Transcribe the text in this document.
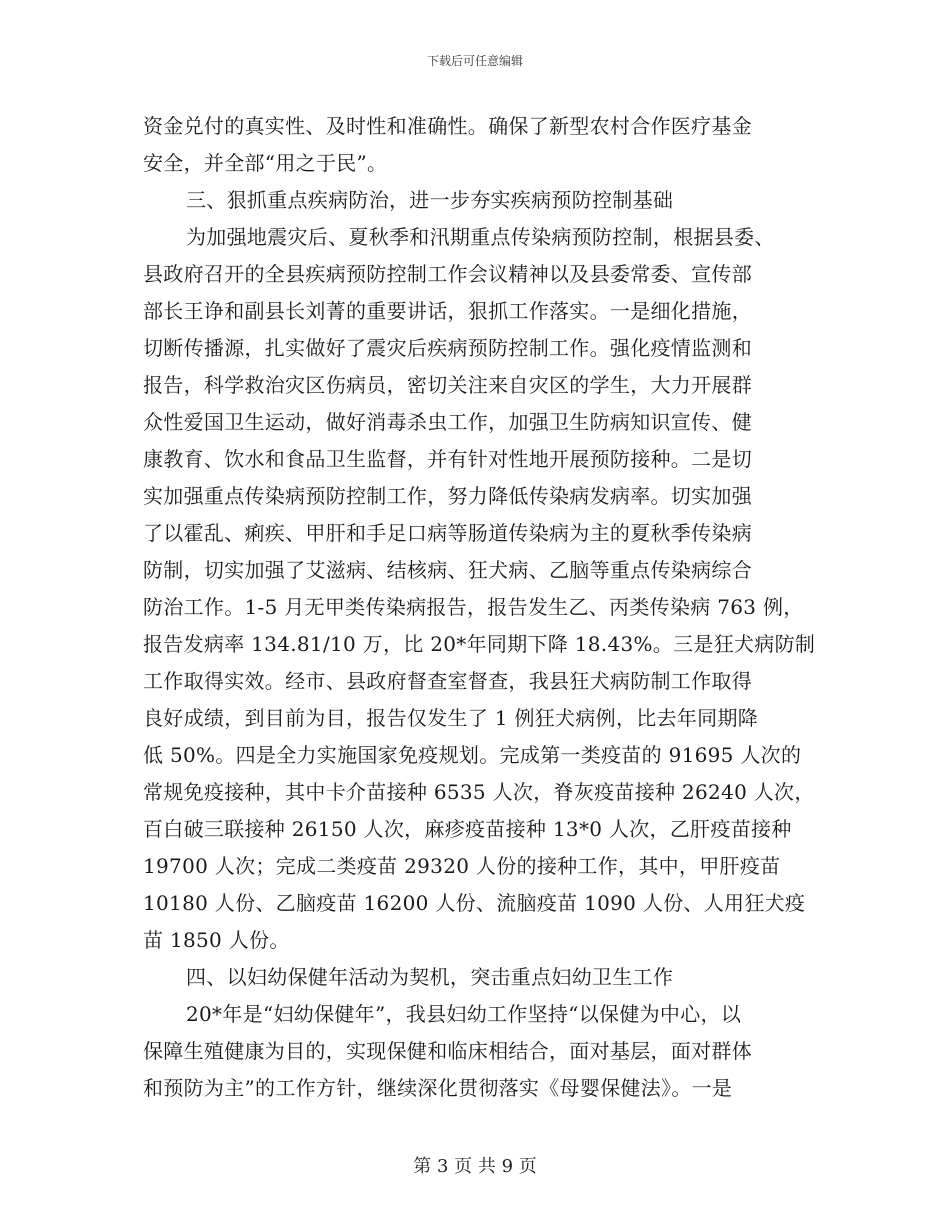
下载后可任意编辑
资金兑付的真实性、及时性和准确性。确保了新型农村合作医疗基金
安全，并全部“用之于民”。
三、狠抓重点疾病防治，进一步夯实疾病预防控制基础
为加强地震灾后、夏秋季和汛期重点传染病预防控制，根据县委、
县政府召开的全县疾病预防控制工作会议精神以及县委常委、宣传部
部长王诤和副县长刘菁的重要讲话，狠抓工作落实。一是细化措施，
切断传播源，扎实做好了震灾后疾病预防控制工作。强化疫情监测和
报告，科学救治灾区伤病员，密切关注来自灾区的学生，大力开展群
众性爱国卫生运动，做好消毒杀虫工作，加强卫生防病知识宣传、健
康教育、饮水和食品卫生监督，并有针对性地开展预防接种。二是切
实加强重点传染病预防控制工作，努力降低传染病发病率。切实加强
了以霍乱、痢疾、甲肝和手足口病等肠道传染病为主的夏秋季传染病
防制，切实加强了艾滋病、结核病、狂犬病、乙脑等重点传染病综合
防治工作。1-5 月无甲类传染病报告，报告发生乙、丙类传染病 763 例，
报告发病率 134.81/10 万，比 20*年同期下降 18.43%。三是狂犬病防制
工作取得实效。经市、县政府督查室督查，我县狂犬病防制工作取得
良好成绩，到目前为目，报告仅发生了 1 例狂犬病例，比去年同期降
低 50%。四是全力实施国家免疫规划。完成第一类疫苗的 91695 人次的
常规免疫接种，其中卡介苗接种 6535 人次，脊灰疫苗接种 26240 人次，
百白破三联接种 26150 人次，麻疹疫苗接种 13*0 人次，乙肝疫苗接种
19700 人次；完成二类疫苗 29320 人份的接种工作，其中，甲肝疫苗
10180 人份、乙脑疫苗 16200 人份、流脑疫苗 1090 人份、人用狂犬疫
苗 1850 人份。
四、以妇幼保健年活动为契机，突击重点妇幼卫生工作
20*年是“妇幼保健年”，我县妇幼工作坚持“以保健为中心，以
保障生殖健康为目的，实现保健和临床相结合，面对基层，面对群体
和预防为主”的工作方针，继续深化贯彻落实《母婴保健法》。一是
第 3 页 共 9 页
